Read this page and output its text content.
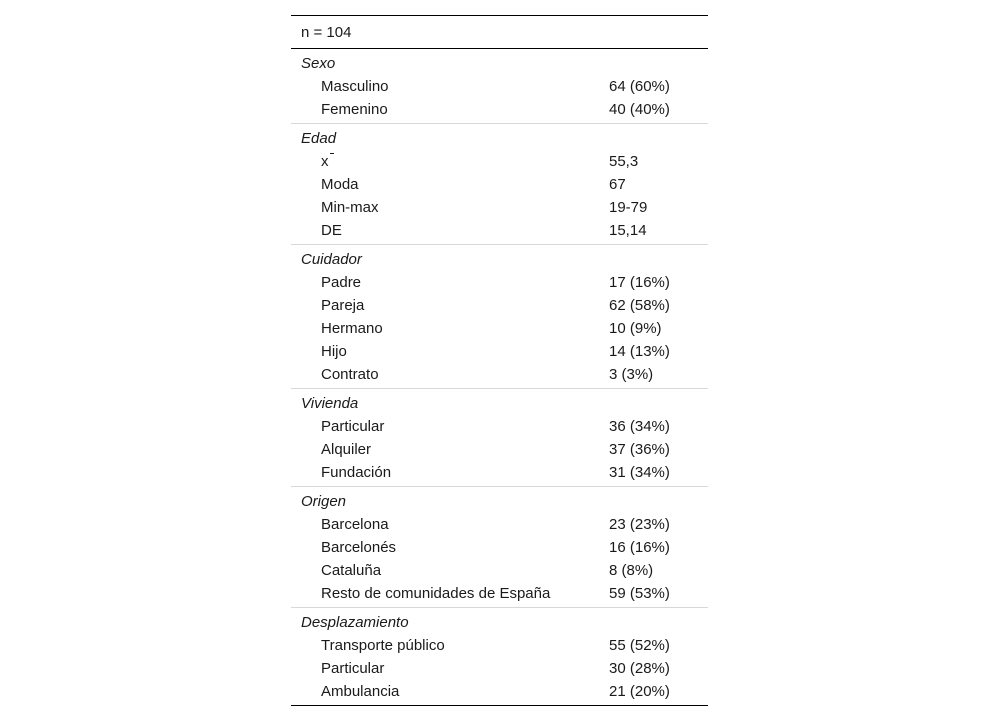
n = 104
Sexo
Masculino	64 (60%)
Femenino	40 (40%)
Edad
x	55,3
Moda	67
Min-max	19-79
DE	15,14
Cuidador
Padre	17 (16%)
Pareja	62 (58%)
Hermano	10 (9%)
Hijo	14 (13%)
Contrato	3 (3%)
Vivienda
Particular	36 (34%)
Alquiler	37 (36%)
Fundación	31 (34%)
Origen
Barcelona	23 (23%)
Barcelonés	16 (16%)
Cataluña	8 (8%)
Resto de comunidades de España	59 (53%)
Desplazamiento
Transporte público	55 (52%)
Particular	30 (28%)
Ambulancia	21 (20%)
